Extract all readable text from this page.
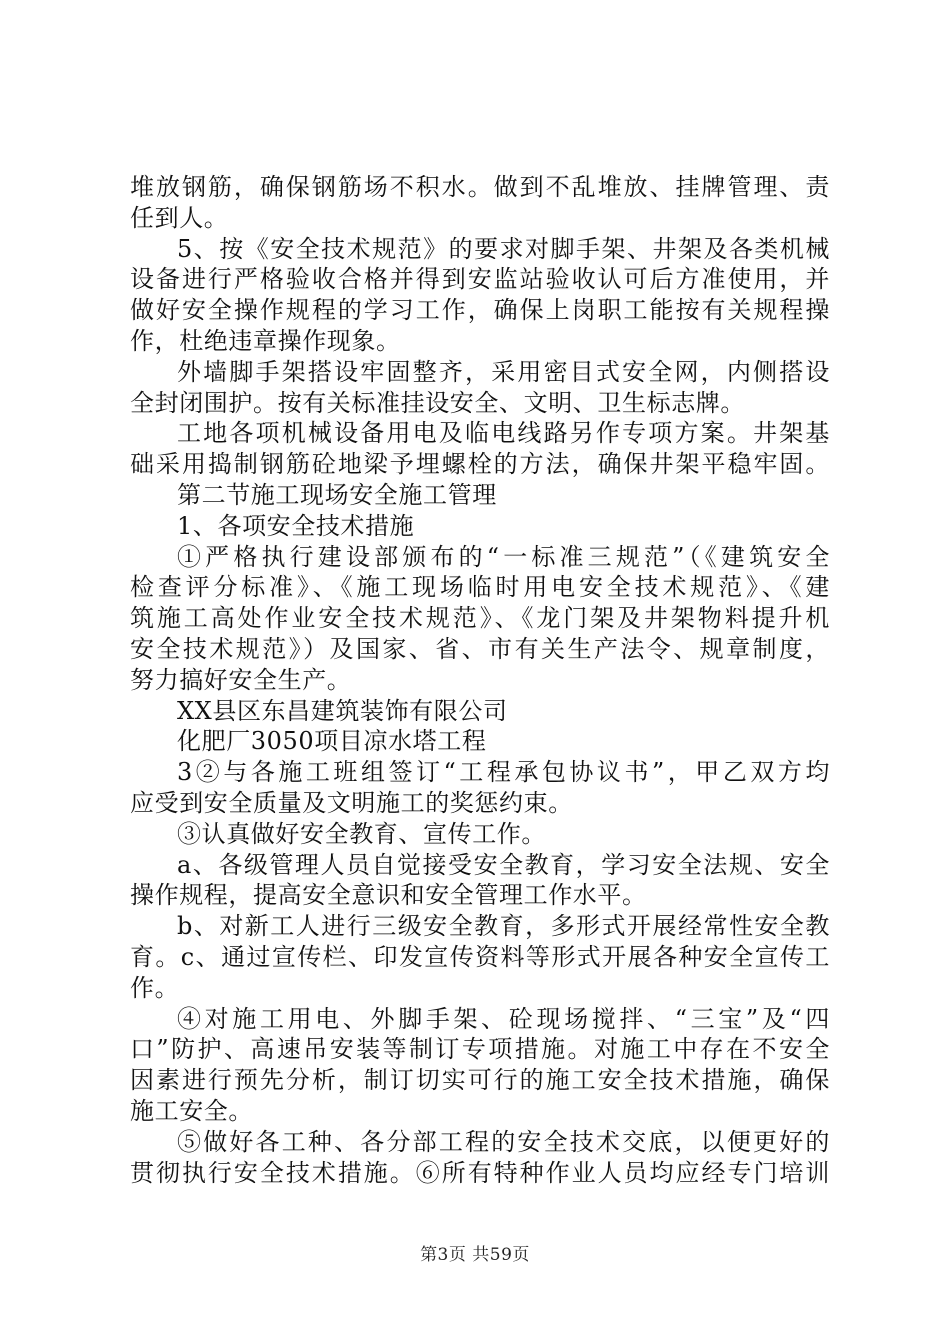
堆放钢筋，确保钢筋场不积水。做到不乱堆放、挂牌管理、责
任到人。
5、按《安全技术规范》的要求对脚手架、井架及各类机械
设备进行严格验收合格并得到安监站验收认可后方准使用，并
做好安全操作规程的学习工作，确保上岗职工能按有关规程操
作，杜绝违章操作现象。
外墙脚手架搭设牢固整齐，采用密目式安全网，内侧搭设
全封闭围护。按有关标准挂设安全、文明、卫生标志牌。
工地各项机械设备用电及临电线路另作专项方案。井架基
础采用捣制钢筋砼地梁予埋螺栓的方法，确保井架平稳牢固。
第二节施工现场安全施工管理
1、各项安全技术措施
①严格执行建设部颁布的“一标准三规范”（《建筑安全
检查评分标准》、《施工现场临时用电安全技术规范》、《建
筑施工高处作业安全技术规范》、《龙门架及井架物料提升机
安全技术规范》）及国家、省、市有关生产法令、规章制度，
努力搞好安全生产。
XX县区东昌建筑装饰有限公司
化肥厂3050项目凉水塔工程
3②与各施工班组签订“工程承包协议书”，甲乙双方均
应受到安全质量及文明施工的奖惩约束。
③认真做好安全教育、宣传工作。
a、各级管理人员自觉接受安全教育，学习安全法规、安全
操作规程，提高安全意识和安全管理工作水平。
b、对新工人进行三级安全教育，多形式开展经常性安全教
育。c、通过宣传栏、印发宣传资料等形式开展各种安全宣传工
作。
④对施工用电、外脚手架、砼现场搅拌、“三宝”及“四
口”防护、高速吊安装等制订专项措施。对施工中存在不安全
因素进行预先分析，制订切实可行的施工安全技术措施，确保
施工安全。
⑤做好各工种、各分部工程的安全技术交底，以便更好的
贯彻执行安全技术措施。⑥所有特种作业人员均应经专门培训
第3页 共59页
